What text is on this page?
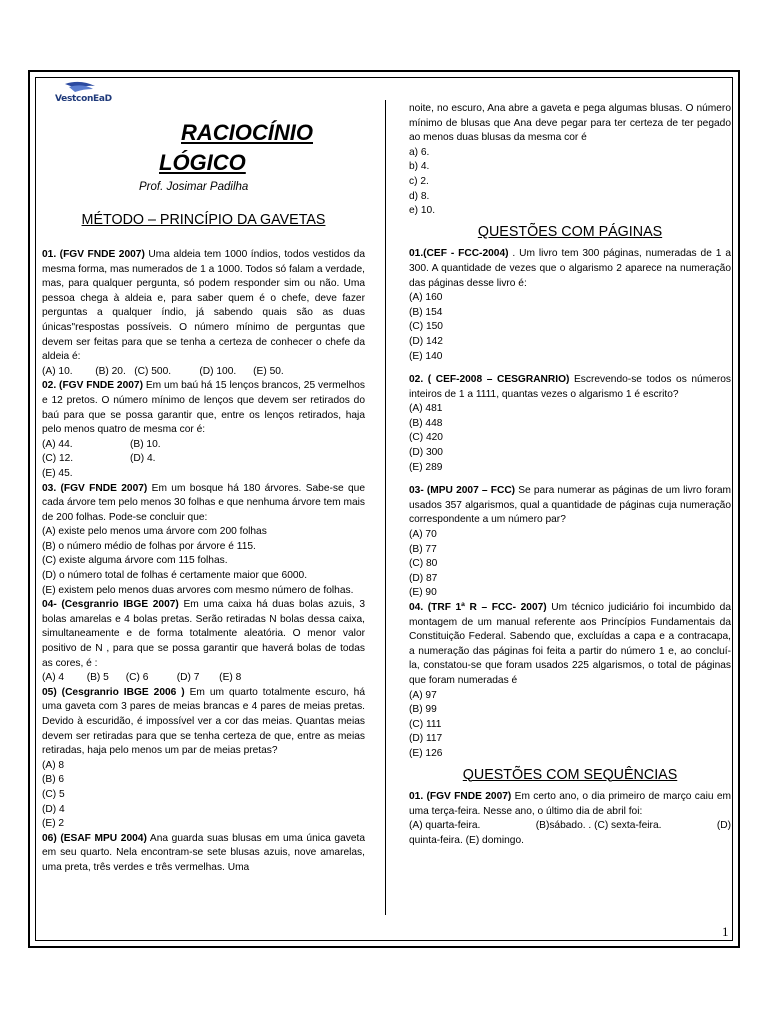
VestconEaD
RACIOCÍNIO
LÓGICO
Prof. Josimar Padilha
MÉTODO – PRINCÍPIO DA GAVETAS

01. (FGV FNDE 2007) Uma aldeia tem 1000 índios, todos vestidos da mesma forma, mas numerados de 1 a 1000. Todos só falam a verdade, mas, para qualquer pergunta, só podem responder sim ou não. Uma pessoa chega à aldeia e, para saber quem é o chefe, deve fazer perguntas a qualquer índio, já sabendo quais são as duas únicas"respostas possíveis. O número mínimo de perguntas que devem ser feitas para que se tenha a certeza de conhecer o chefe da aldeia é:

(A) 10.        (B) 20.   (C) 500.          (D) 100.      (E) 50.

02. (FGV FNDE 2007) Em um baú há 15 lenços brancos, 25 vermelhos e 12 pretos. O número mínimo de lenços que devem ser retirados do baú para que se possa garantir que, entre os lenços retirados, haja pelo menos quatro de mesma cor é:

(A) 44.	(B) 10.
(C) 12.	(D) 4.

(E) 45.

03. (FGV FNDE 2007) Em um bosque há 180 árvores. Sabe-se que cada árvore tem pelo menos 30 folhas e que nenhuma árvore tem mais de 200 folhas. Pode-se concluir que:

(A) existe pelo menos uma árvore com 200 folhas

(B) o número médio de folhas por árvore é 115.

(C) existe alguma árvore com 115 folhas.

(D) o número total de folhas é certamente maior que 6000.

(E) existem pelo menos duas arvores com mesmo número de folhas.

04- (Cesgranrio IBGE 2007) Em uma caixa há duas bolas azuis, 3 bolas amarelas e 4 bolas pretas. Serão retiradas N bolas dessa caixa, simultaneamente e de forma totalmente aleatória. O menor valor positivo de N , para que se possa garantir que haverá bolas de todas as cores, é :

(A) 4        (B) 5      (C) 6          (D) 7       (E) 8

05) (Cesgranrio IBGE 2006 ) Em um quarto totalmente escuro, há uma gaveta com 3 pares de meias brancas e 4 pares de meias pretas. Devido à escuridão, é impossível ver a cor das meias. Quantas meias devem ser retiradas para que se tenha certeza de que, entre as meias retiradas, haja pelo menos um par de meias pretas?

(A) 8

(B) 6

(C) 5

(D) 4

(E) 2

06) (ESAF MPU 2004) Ana guarda suas blusas em uma única gaveta em seu quarto. Nela encontram-se sete blusas azuis, nove amarelas, uma preta, três verdes e três vermelhas. Uma

noite, no escuro, Ana abre a gaveta e pega algumas blusas. O número mínimo de blusas que Ana deve pegar para ter certeza de ter pegado ao menos duas blusas da mesma cor é

a) 6.

b) 4.

c) 2.

d) 8.

e) 10.

QUESTÕES COM PÁGINAS

01.(CEF - FCC-2004) . Um livro tem 300 páginas, numeradas de 1 a 300. A quantidade de vezes que o algarismo 2 aparece na numeração das páginas desse livro é:

(A) 160

(B) 154

(C) 150

(D) 142

(E) 140

02. ( CEF-2008 – CESGRANRIO) Escrevendo-se todos os números inteiros de 1 a 1111, quantas vezes o algarismo 1 é escrito?

(A) 481

(B) 448

(C) 420

(D) 300

(E) 289

03- (MPU 2007 – FCC) Se para numerar as páginas de um livro foram usados 357 algarismos, qual a quantidade de páginas cuja numeração correspondente a um número par?

(A) 70

(B) 77

(C) 80

(D) 87

(E) 90

04. (TRF 1ª R – FCC- 2007) Um técnico judiciário foi incumbido da montagem de um manual referente aos Princípios Fundamentais da Constituição Federal. Sabendo que, excluídas a capa e a contracapa, a numeração das páginas foi feita a partir do número 1 e, ao concluí-la, constatou-se que foram usados 225 algarismos, o total de páginas que foram numeradas é

(A) 97

(B) 99

(C) 111

(D) 117

(E) 126

QUESTÕES COM SEQUÊNCIAS

01. (FGV FNDE 2007) Em certo ano, o dia primeiro de março caiu em uma terça-feira. Nesse ano, o último dia de abril foi:

(A) quarta-feira.	(B)sábado. . (C) sexta-feira.	(D)

quinta-feira. (E) domingo.

1
